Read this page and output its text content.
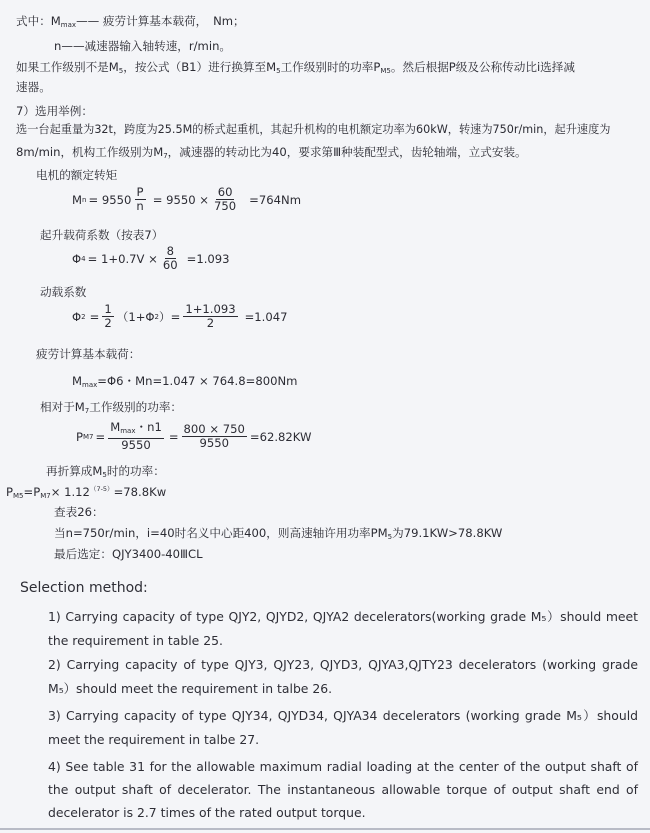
式中：$M_{max}——$ 疲劳计算基本载荷，　Nm；
n——减速器输入轴转速，r/min。
如果工作级别不是$M_5$，按公式（B1）进行换算至$M_5$工作级别时的功率$P_{M5}$。然后根据P级及公称传动比i选择减
速器。
7）选用举例：
选一台起重量为32t，跨度为25.5M的桥式起重机，其起升机构的电机额定功率为60kW，转速为750r/min，起升速度为
8m/min，机构工作级别为$M_7$，减速器的转动比为40，要求第Ⅲ种装配型式，齿轮轴端，立式安装。
电机的额定转矩
M $n = 9550 \frac{P}{n} = 9550 \times \frac{60}{750} =764Nm$
起升载荷系数（按表7）
Φ $4 = 1+0.7V \times \frac{8}{60} =1.093$
动载系数
Φ $2 = \frac{1}{2} (1+\Phi$ 2 ）= $\frac{1+1.093}{2} =1.047$
疲劳计算基本载荷：
$M_{max}=\Phi 6$・Mn=1.047 × 764.8=800Nm
相对于$M_7$工作级别的功率：
P $M7 = \frac{M_{max}・n1}{9550} = \frac{800 \times 750}{9550} =62.82KW$
再折算成$M_5$时的功率：
$P_{M5}=P_{M7}\times 1.12^{(7-5)}=78.8Kw$
查表26：
当n=750r/min，i=40时名义中心距400，则高速轴许用功率$PM_5$为79.1KW>78.8KW
最后选定：QJY3400-40ⅢCL
Selection method:
1) Carrying capacity of type QJY2, QJYD2, QJYA2 decelerators(working grade M₅）should meet the requirement in table 25.
2) Carrying capacity of type QJY3, QJY23, QJYD3, QJYA3,QJTY23 decelerators (working grade M₅）should meet the requirement in talbe 26.
3) Carrying capacity of type QJY34, QJYD34, QJYA34 decelerators (working grade M₅）should meet the requirement in talbe 27.
4) See table 31 for the allowable maximum radial loading at the center of the output shaft of the output shaft of decelerator. The instantaneous allowable torque of output shaft end of decelerator is 2.7 times of the rated output torque.
